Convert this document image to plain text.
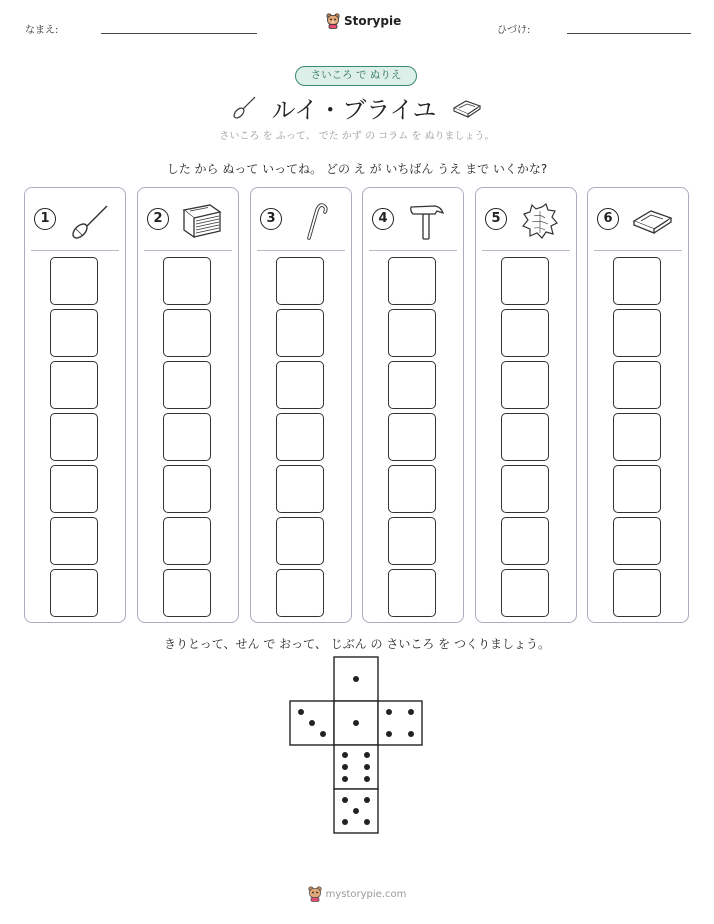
なまえ:
Storypie
ひづけ:
さいころ で ぬりえ
ルイ・ブライユ
さいころ を ふって、 でた かず の コラム を ぬりましょう。
した から ぬって いってね。 どの え が いちばん うえ まで いくかな?
1	2	3	4	5	6
きりとって、せん で おって、 じぶん の さいころ を つくりましょう。
mystorypie.com
